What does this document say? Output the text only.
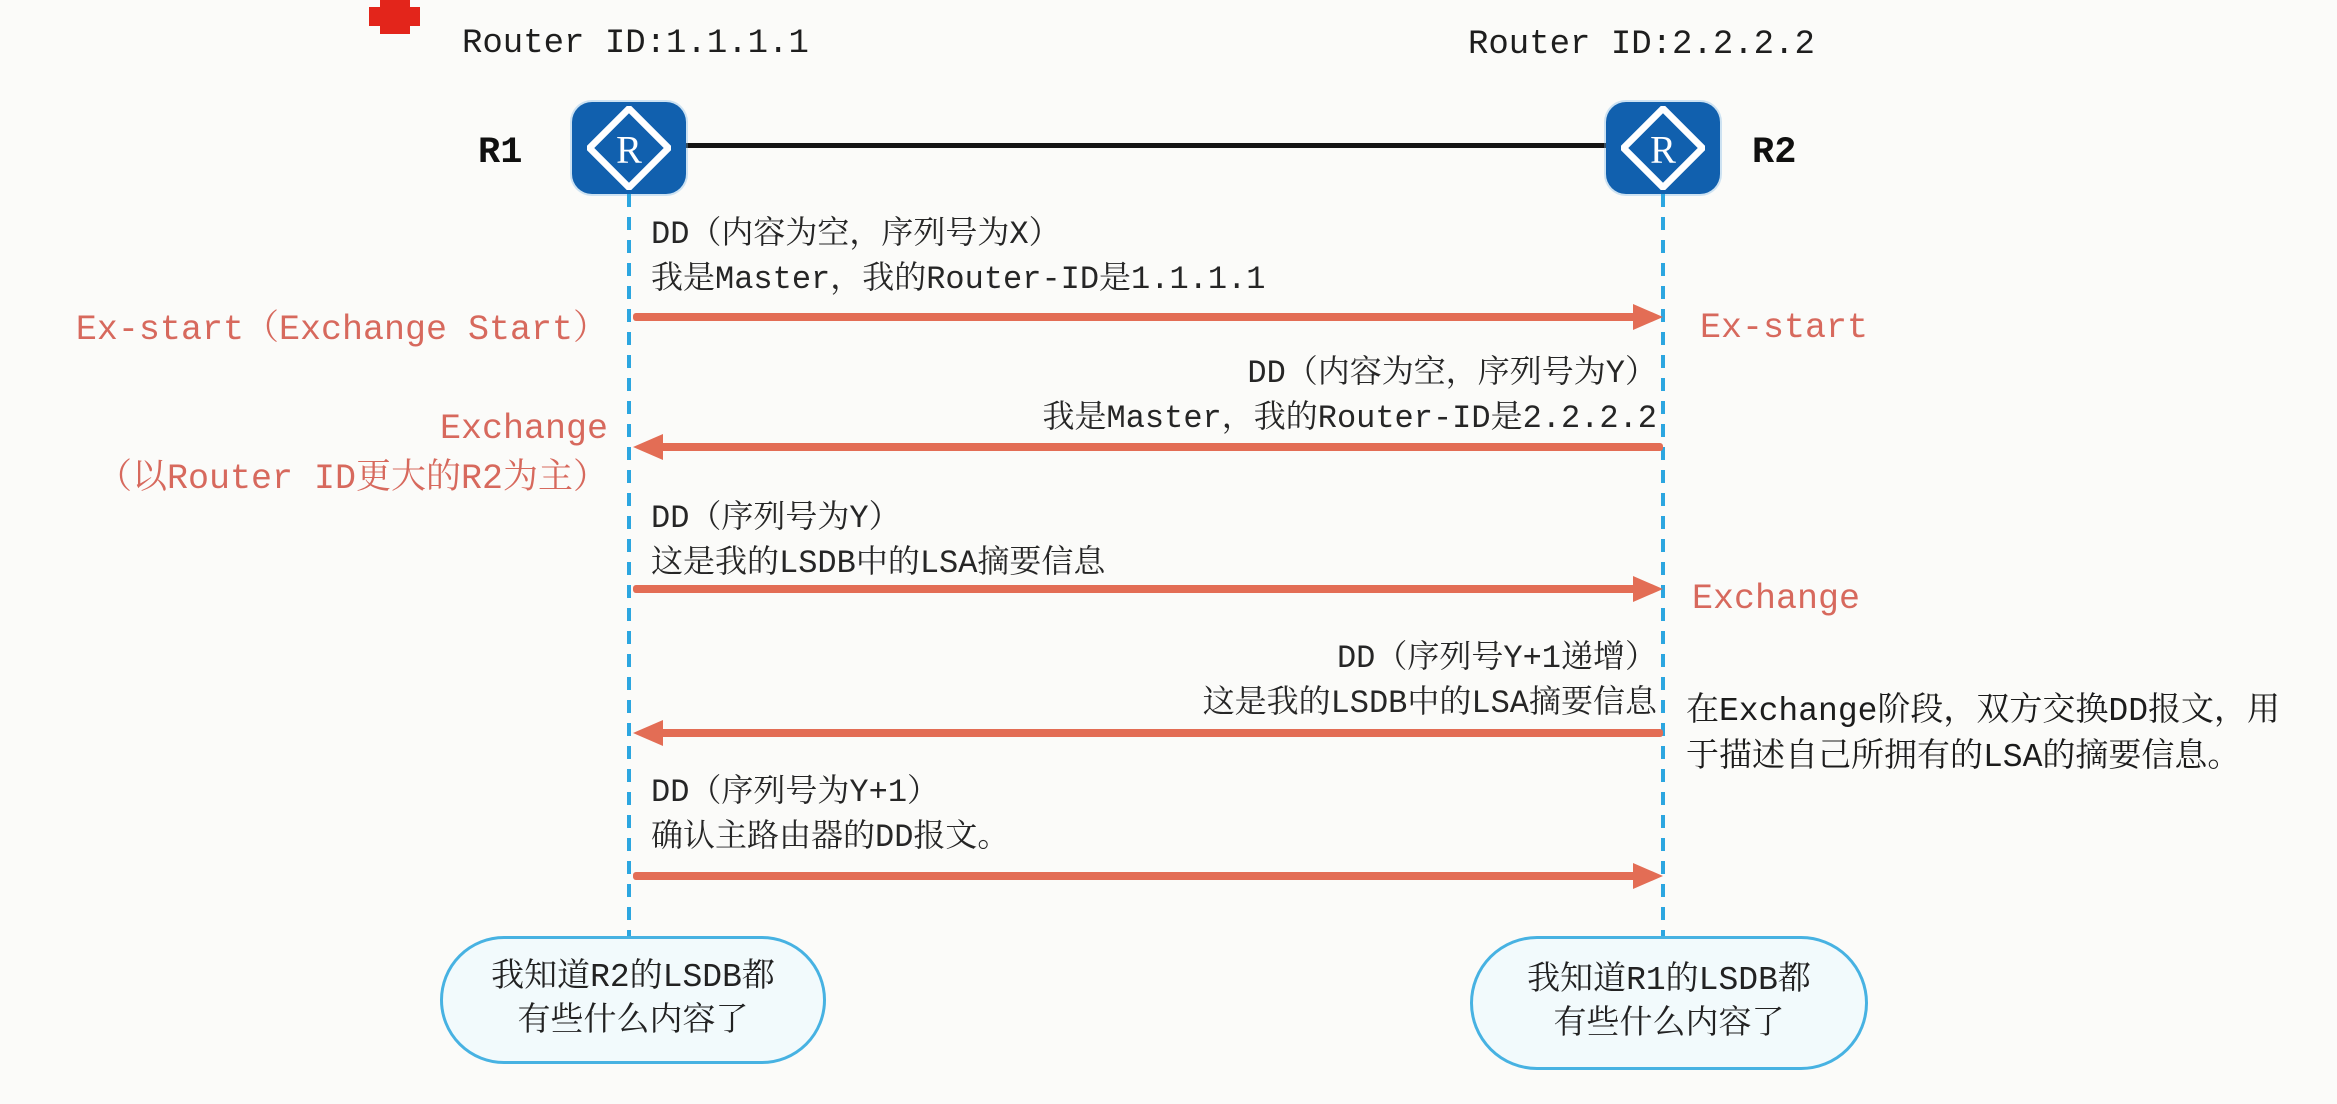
Router ID:1.1.1.1	Router ID:2.2.2.2
R1	R2
R	R
DD（内容为空，序列号为X）
我是Master，我的Router-ID是1.1.1.1
DD（内容为空，序列号为Y）
我是Master，我的Router-ID是2.2.2.2
DD（序列号为Y）
这是我的LSDB中的LSA摘要信息
DD（序列号Y+1递增）
这是我的LSDB中的LSA摘要信息
DD（序列号为Y+1）
确认主路由器的DD报文。
Ex-start（Exchange Start）
Exchange
（以Router ID更大的R2为主）
Ex-start
Exchange
在Exchange阶段，双方交换DD报文，用
于描述自己所拥有的LSA的摘要信息。
我知道R2的LSDB都
有些什么内容了
我知道R1的LSDB都
有些什么内容了
